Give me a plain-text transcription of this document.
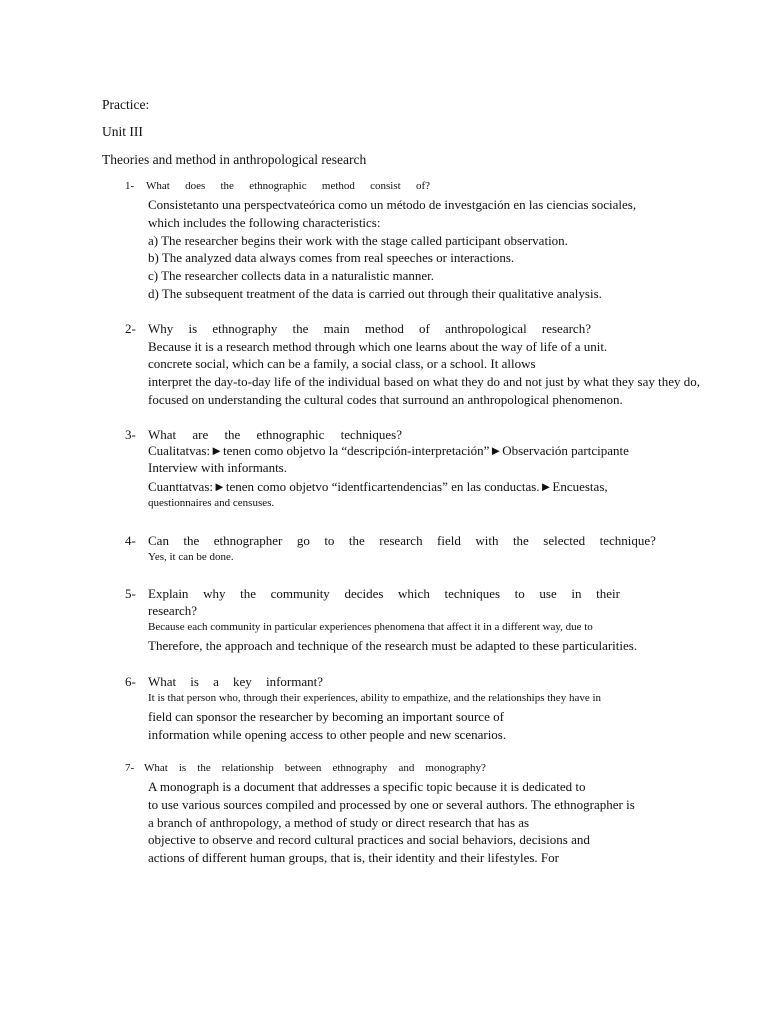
Practice:
Unit III
Theories and method in anthropological research
1- What does the ethnographic method consist of?
Consistetanto una perspectvateórica como un método de investgación en las ciencias sociales,
which includes the following characteristics:
a) The researcher begins their work with the stage called participant observation.
b) The analyzed data always comes from real speeches or interactions.
c) The researcher collects data in a naturalistic manner.
d) The subsequent treatment of the data is carried out through their qualitative analysis.
2- Why is ethnography the main method of anthropological research?
Because it is a research method through which one learns about the way of life of a unit.
concrete social, which can be a family, a social class, or a school. It allows
interpret the day-to-day life of the individual based on what they do and not just by what they say they do,
focused on understanding the cultural codes that surround an anthropological phenomenon.
3- What are the ethnographic techniques?
Cualitatvas:►tenen como objetvo la “descripción-interpretación”►Observación partcipante
Interview with informants.
Cuanttatvas:►tenen como objetvo “identficartendencias” en las conductas.►Encuestas,
questionnaires and censuses.
4- Can the ethnographer go to the research field with the selected technique?
Yes, it can be done.
5- Explain why the community decides which techniques to use in their
research?
Because each community in particular experiences phenomena that affect it in a different way, due to
Therefore, the approach and technique of the research must be adapted to these particularities.
6- What is a key informant?
It is that person who, through their experiences, ability to empathize, and the relationships they have in
field can sponsor the researcher by becoming an important source of
information while opening access to other people and new scenarios.
7- What is the relationship between ethnography and monography?
A monograph is a document that addresses a specific topic because it is dedicated to
to use various sources compiled and processed by one or several authors. The ethnographer is
a branch of anthropology, a method of study or direct research that has as
objective to observe and record cultural practices and social behaviors, decisions and
actions of different human groups, that is, their identity and their lifestyles. For
